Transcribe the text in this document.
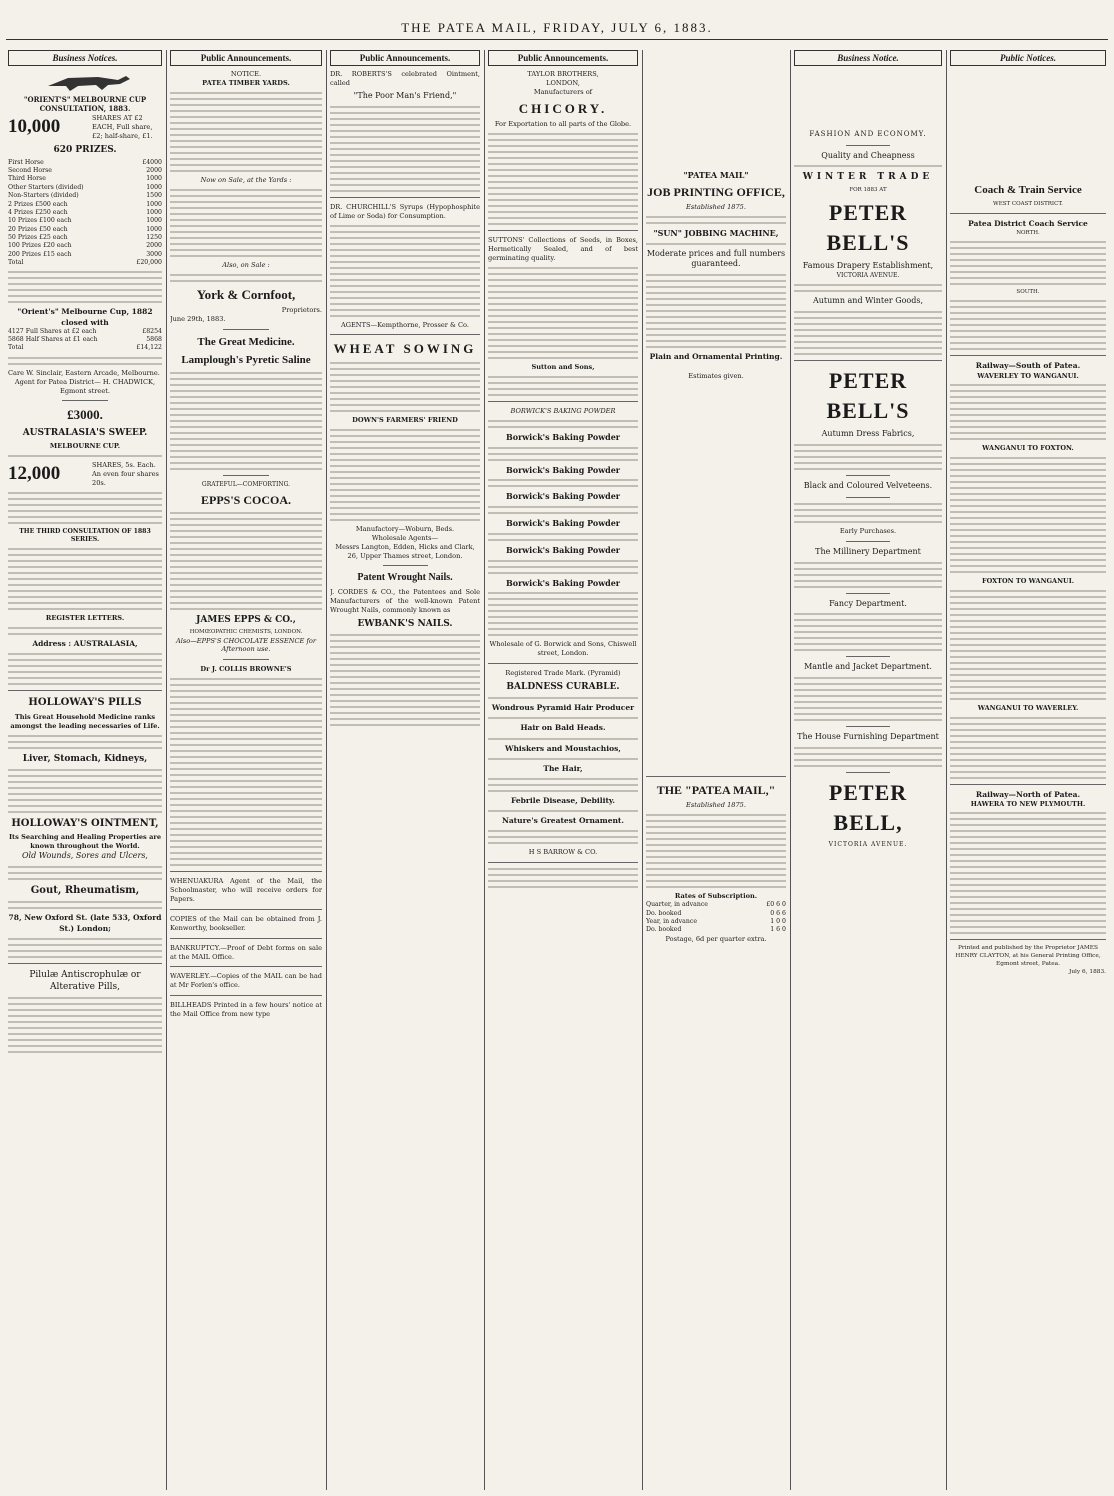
THE PATEA MAIL, FRIDAY, JULY 6, 1883.
Business Notices.
"ORIENT'S" MELBOURNE CUP CONSULTATION, 1883.
10,000	SHARES AT £2 EACH, Full share, £2; half-share, £1.
620 PRIZES.
First Horse	£4000
Second Horse	2000
Third Horse	1000
Other Starters (divided)	1000
Non-Starters (divided)	1500
2 Prizes £500 each	1000
4 Prizes £250 each	1000
10 Prizes £100 each	1000
20 Prizes £50 each	1000
50 Prizes £25 each	1250
100 Prizes £20 each	2000
200 Prizes £15 each	3000
Total	£20,000
"Orient's" Melbourne Cup, 1882 closed with
4127 Full Shares at £2 each	£8254
5868 Half Shares at £1 each	5868
Total	£14,122
Care W. Sinclair, Eastern Arcade, Melbourne.
Agent for Patea District— H. CHADWICK, Egmont street.
£3000.
AUSTRALASIA'S SWEEP.
MELBOURNE CUP.
12,000	SHARES, 5s. Each. An even four shares 20s.
THE THIRD CONSULTATION OF 1883 SERIES.
REGISTER LETTERS.
Address : AUSTRALASIA,
HOLLOWAY'S PILLS
This Great Household Medicine ranks amongst the leading necessaries of Life.
Liver, Stomach, Kidneys,
HOLLOWAY'S OINTMENT,
Its Searching and Healing Properties are known throughout the World.
Old Wounds, Sores and Ulcers,
Gout, Rheumatism,
78, New Oxford St. (late 533, Oxford St.) London;
Pilulæ Antiscrophulæ or Alterative Pills,
Public Announcements.
NOTICE.
PATEA TIMBER YARDS.
Now on Sale, at the Yards :
Also, on Sale :
York & Cornfoot,
Proprietors.
June 29th, 1883.
The Great Medicine.
Lamplough's Pyretic Saline
GRATEFUL—COMFORTING.
EPPS'S COCOA.
JAMES EPPS & CO.,
HOMŒOPATHIC CHEMISTS, LONDON.
Also—EPPS'S CHOCOLATE ESSENCE for Afternoon use.
Dr J. COLLIS BROWNE'S

WHENUAKURA Agent of the Mail, the Schoolmaster, who will receive orders for Papers.

COPIES of the Mail can be obtained from J. Kenworthy, bookseller.

BANKRUPTCY.—Proof of Debt forms on sale at the MAIL Office.

WAVERLEY.—Copies of the MAIL can be had at Mr Forlen's office.

BILLHEADS Printed in a few hours' notice at the Mail Office from new type

Public Announcements.

DR. ROBERTS'S celebrated Ointment, called

"The Poor Man's Friend,"

DR. CHURCHILL'S Syrups (Hypophosphite of Lime or Soda) for Consumption.

AGENTS—Kempthorne, Prosser & Co.
WHEAT SOWING
DOWN'S FARMERS' FRIEND
Manufactory—Woburn, Beds.
Wholesale Agents—
Messrs Langton, Edden, Hicks and Clark, 26, Upper Thames street, London.
Patent Wrought Nails.

J. CORDES & CO., the Patentees and Sole Manufacturers of the well-known Patent Wrought Nails, commonly known as

EWBANK'S NAILS.
Public Announcements.
TAYLOR BROTHERS,
LONDON,
Manufacturers of
CHICORY.
For Exportation to all parts of the Globe.

SUTTONS' Collections of Seeds, in Boxes, Hermetically Sealed, and of best germinating quality.

Sutton and Sons,
BORWICK'S BAKING POWDER
Borwick's Baking Powder
Borwick's Baking Powder
Borwick's Baking Powder
Borwick's Baking Powder
Borwick's Baking Powder
Borwick's Baking Powder
Wholesale of G. Borwick and Sons, Chiswell street, London.
Registered Trade Mark. (Pyramid)
BALDNESS CURABLE.
Wondrous Pyramid Hair Producer
Hair on Bald Heads.
Whiskers and Moustachios,
The Hair,
Febrile Disease, Debility.
Nature's Greatest Ornament.
H S BARROW & CO.
"PATEA MAIL"
JOB PRINTING OFFICE,
Established 1875.
"SUN" JOBBING MACHINE,
Moderate prices and full numbers guaranteed.
Plain and Ornamental Printing.
Estimates given.
THE "PATEA MAIL,"
Established 1875.
Rates of Subscription.
Quarter, in advance	£0 6 0
Do. booked	0 6 6
Year, in advance	1 0 0
Do. booked	1 6 0
Postage, 6d per quarter extra.
Business Notice.
FASHION AND ECONOMY.
Quality and Cheapness
WINTER TRADE
FOR 1883 AT
PETER BELL'S
Famous Drapery Establishment,
VICTORIA AVENUE.
Autumn and Winter Goods,
PETER BELL'S
Autumn Dress Fabrics,
Black and Coloured Velveteens.
Early Purchases.
The Millinery Department
Fancy Department.
Mantle and Jacket Department.
The House Furnishing Department
PETER BELL,
VICTORIA AVENUE.
Public Notices.
Coach & Train Service
WEST COAST DISTRICT.
Patea District Coach Service
NORTH.
SOUTH.
Railway—South of Patea.
WAVERLEY TO WANGANUI.
WANGANUI TO FOXTON.
FOXTON TO WANGANUI.
WANGANUI TO WAVERLEY.
Railway—North of Patea.
HAWERA TO NEW PLYMOUTH.
Printed and published by the Proprietor JAMES HENRY CLAYTON, at his General Printing Office, Egmont street, Patea.
July 6, 1883.
